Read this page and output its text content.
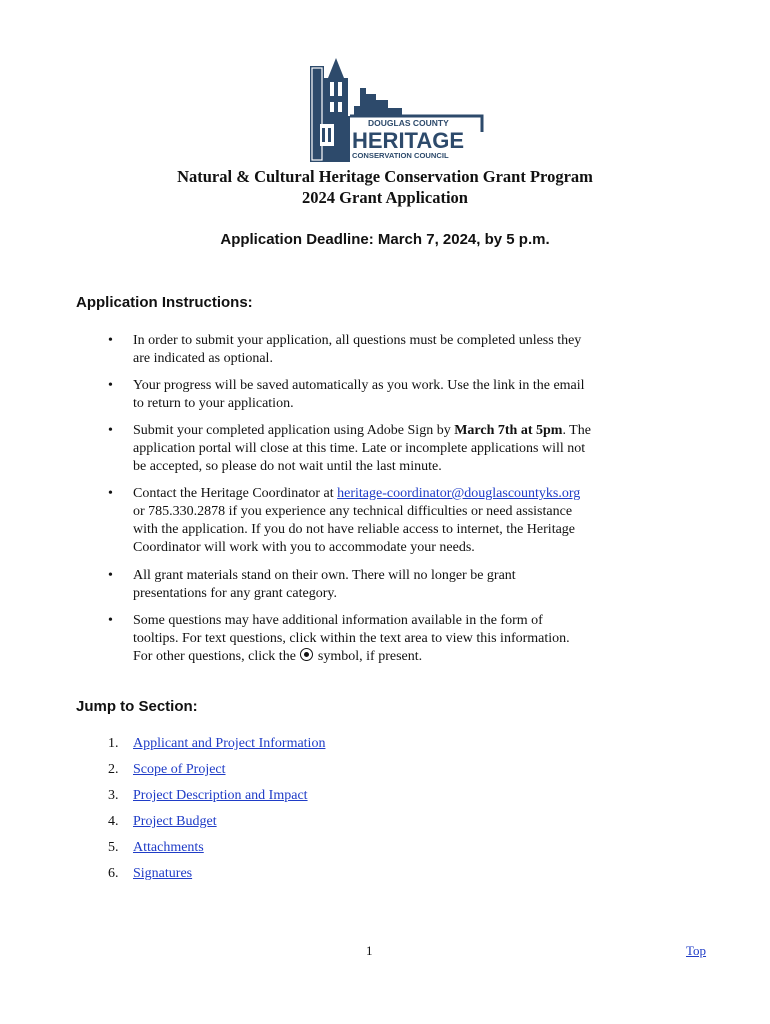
DOUGLAS COUNTY
HERITAGE
CONSERVATION COUNCIL
Natural & Cultural Heritage Conservation Grant Program
2024 Grant Application
Application Deadline: March 7, 2024, by 5 p.m.
Application Instructions:
• In order to submit your application, all questions must be completed unless they
are indicated as optional.
• Your progress will be saved automatically as you work. Use the link in the email
to return to your application.
• Submit your completed application using Adobe Sign by March 7th at 5pm. The
application portal will close at this time. Late or incomplete applications will not
be accepted, so please do not wait until the last minute.
• Contact the Heritage Coordinator at heritage-coordinator@douglascountyks.org
or 785.330.2878 if you experience any technical difficulties or need assistance
with the application. If you do not have reliable access to internet, the Heritage
Coordinator will work with you to accommodate your needs.
• All grant materials stand on their own. There will no longer be grant
presentations for any grant category.
• Some questions may have additional information available in the form of
tooltips. For text questions, click within the text area to view this information.
For other questions, click the symbol, if present.
Jump to Section:
1. Applicant and Project Information
2. Scope of Project
3. Project Description and Impact
4. Project Budget
5. Attachments
6. Signatures
1	Top
